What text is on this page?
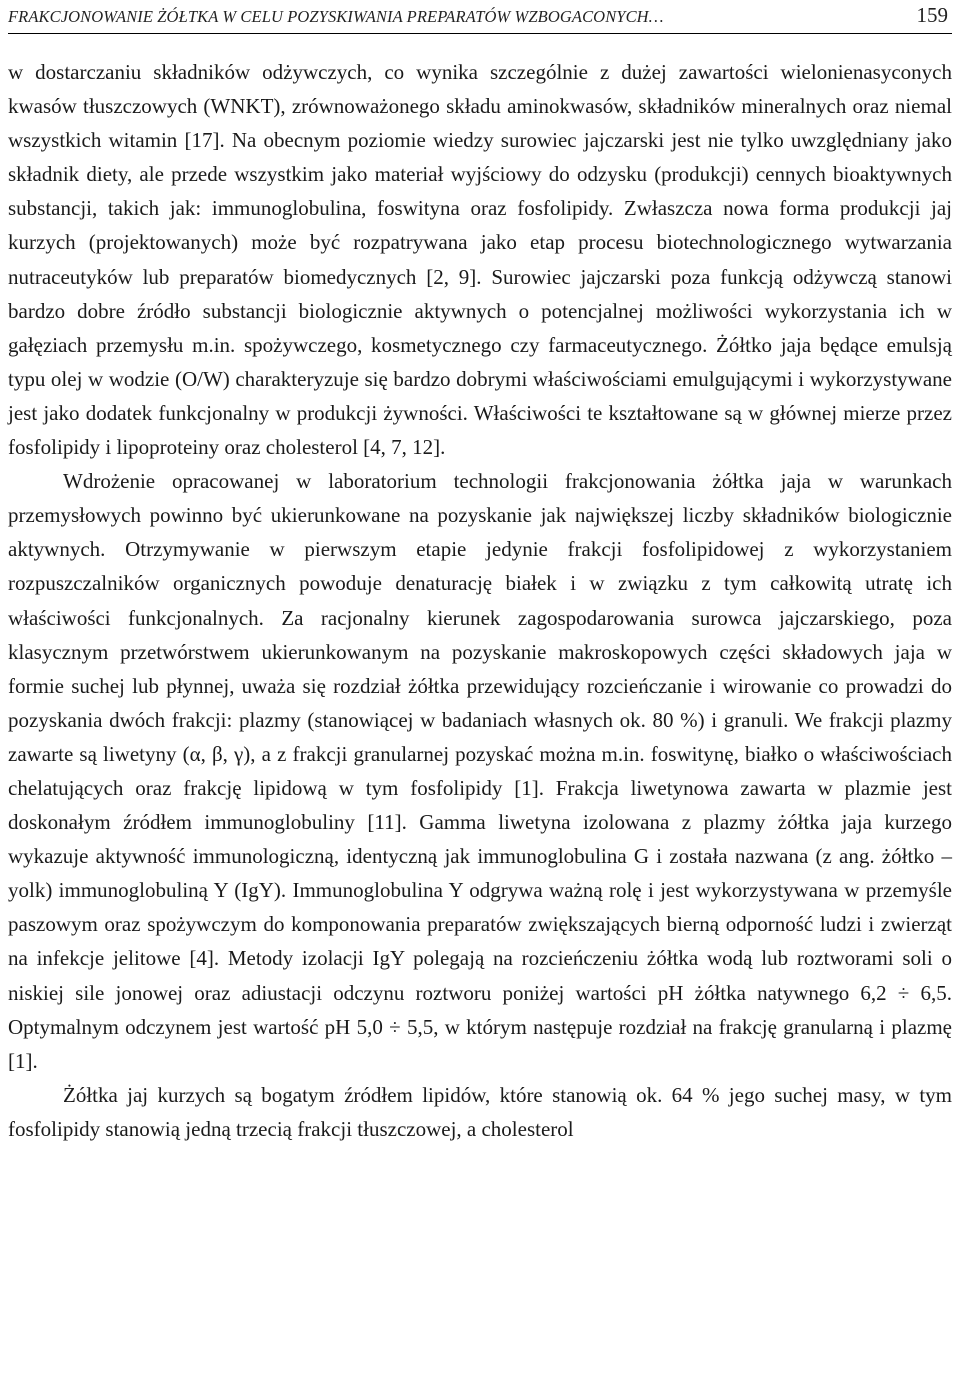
FRAKCJONOWANIE ŻÓŁTKA W CELU POZYSKIWANIA PREPARATÓW WZBOGACONYCH…	159

w dostarczaniu składników odżywczych, co wynika szczególnie z dużej zawartości wielonienasyconych kwasów tłuszczowych (WNKT), zrównoważonego składu aminokwasów, składników mineralnych oraz niemal wszystkich witamin [17]. Na obecnym poziomie wiedzy surowiec jajczarski jest nie tylko uwzględniany jako składnik diety, ale przede wszystkim jako materiał wyjściowy do odzysku (produkcji) cennych bioaktywnych substancji, takich jak: immunoglobulina, foswityna oraz fosfolipidy. Zwłaszcza nowa forma produkcji jaj kurzych (projektowanych) może być rozpatrywana jako etap procesu biotechnologicznego wytwarzania nutraceutyków lub preparatów biomedycznych [2, 9]. Surowiec jajczarski poza funkcją odżywczą stanowi bardzo dobre źródło substancji biologicznie aktywnych o potencjalnej możliwości wykorzystania ich w gałęziach przemysłu m.in. spożywczego, kosmetycznego czy farmaceutycznego. Żółtko jaja będące emulsją typu olej w wodzie (O/W) charakteryzuje się bardzo dobrymi właściwościami emulgującymi i wykorzystywane jest jako dodatek funkcjonalny w produkcji żywności. Właściwości te kształtowane są w głównej mierze przez fosfolipidy i lipoproteiny oraz cholesterol [4, 7, 12].

Wdrożenie opracowanej w laboratorium technologii frakcjonowania żółtka jaja w warunkach przemysłowych powinno być ukierunkowane na pozyskanie jak największej liczby składników biologicznie aktywnych. Otrzymywanie w pierwszym etapie jedynie frakcji fosfolipidowej z wykorzystaniem rozpuszczalników organicznych powoduje denaturację białek i w związku z tym całkowitą utratę ich właściwości funkcjonalnych. Za racjonalny kierunek zagospodarowania surowca jajczarskiego, poza klasycznym przetwórstwem ukierunkowanym na pozyskanie makroskopowych części składowych jaja w formie suchej lub płynnej, uważa się rozdział żółtka przewidujący rozcieńczanie i wirowanie co prowadzi do pozyskania dwóch frakcji: plazmy (stanowiącej w badaniach własnych ok. 80 %) i granuli. We frakcji plazmy zawarte są liwetyny (α, β, γ), a z frakcji granularnej pozyskać można m.in. foswitynę, białko o właściwościach chelatujących oraz frakcję lipidową w tym fosfolipidy [1]. Frakcja liwetynowa zawarta w plazmie jest doskonałym źródłem immunoglobuliny [11]. Gamma liwetyna izolowana z plazmy żółtka jaja kurzego wykazuje aktywność immunologiczną, identyczną jak immunoglobulina G i została nazwana (z ang. żółtko – yolk) immunoglobuliną Y (IgY). Immunoglobulina Y odgrywa ważną rolę i jest wykorzystywana w przemyśle paszowym oraz spożywczym do komponowania preparatów zwiększających bierną odporność ludzi i zwierząt na infekcje jelitowe [4]. Metody izolacji IgY polegają na rozcieńczeniu żółtka wodą lub roztworami soli o niskiej sile jonowej oraz adiustacji odczynu roztworu poniżej wartości pH żółtka natywnego 6,2 ÷ 6,5. Optymalnym odczynem jest wartość pH 5,0 ÷ 5,5, w którym następuje rozdział na frakcję granularną i plazmę [1].

Żółtka jaj kurzych są bogatym źródłem lipidów, które stanowią ok. 64 % jego suchej masy, w tym fosfolipidy stanowią jedną trzecią frakcji tłuszczowej, a cholesterol
